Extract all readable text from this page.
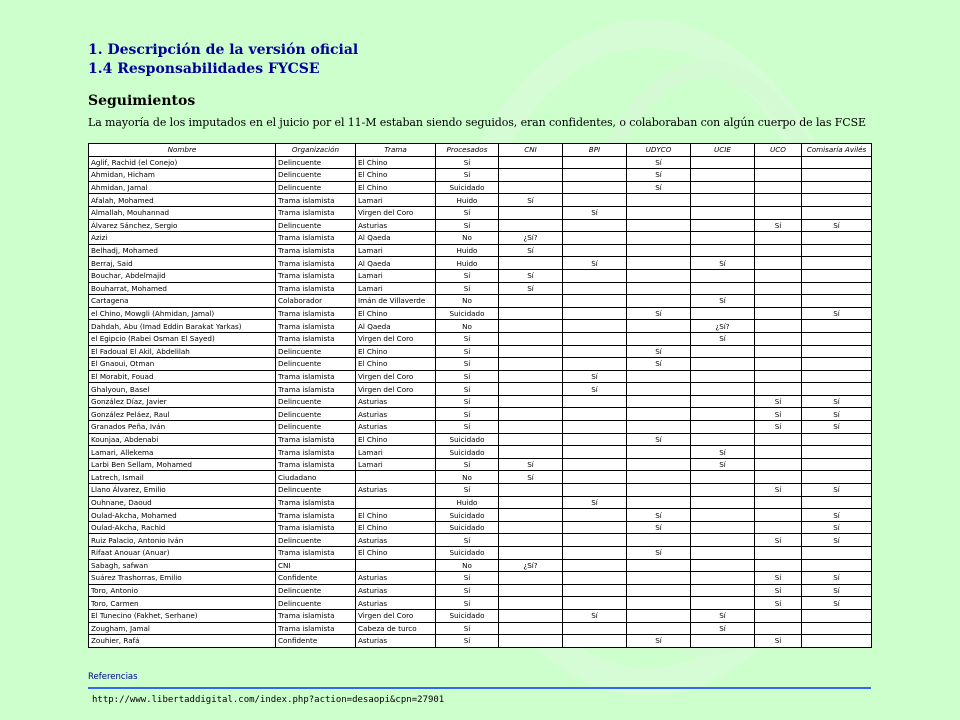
1. Descripción de la versión oficial
1.4 Responsabilidades FYCSE
Seguimientos
La mayoría de los imputados en el juicio por el 11-M estaban siendo seguidos, eran confidentes, o colaboraban con algún cuerpo de las FCSE
Nombre	Organización	Trama	Procesados	CNI	BPI	UDYCO	UCIE	UCO	Comisaría Avilés
Aglif, Rachid (el Conejo)	Delincuente	El Chino	Sí			Sí			
Ahmidan, Hicham	Delincuente	El Chino	Sí			Sí			
Ahmidan, Jamal	Delincuente	El Chino	Suicidado			Sí			
Afalah, Mohamed	Trama islamista	Lamari	Huido	Sí					
Almallah, Mouhannad	Trama islamista	Virgen del Coro	Sí		Sí				
Álvarez Sánchez, Sergio	Delincuente	Asturias	Sí					Sí	Sí
Azizi	Trama islamista	Al Qaeda	No	¿Sí?					
Belhadj, Mohamed	Trama islamista	Lamari	Huido	Sí					
Berraj, Said	Trama islamista	Al Qaeda	Huido		Sí		Sí		
Bouchar, Abdelmajid	Trama islamista	Lamari	Sí	Sí					
Bouharrat, Mohamed	Trama islamista	Lamari	Sí	Sí					
Cartagena	Colaborador	Imán de Villaverde	No				Sí		
el Chino, Mowgli (Ahmidan, Jamal)	Trama islamista	El Chino	Suicidado			Sí			Sí
Dahdah, Abu (Imad Eddin Barakat Yarkas)	Trama islamista	Al Qaeda	No				¿Sí?		
el Egipcio (Rabei Osman El Sayed)	Trama islamista	Virgen del Coro	Sí				Sí		
El Fadoual El Akil, Abdelilah	Delincuente	El Chino	Sí			Sí			
El Gnaoui, Otman	Delincuente	El Chino	Sí			Sí			
El Morabit, Fouad	Trama islamista	Virgen del Coro	Sí		Sí				
Ghalyoun, Basel	Trama islamista	Virgen del Coro	Sí		Sí				
González Díaz, Javier	Delincuente	Asturias	Sí					Sí	Sí
González Peláez, Raul	Delincuente	Asturias	Sí					Sí	Sí
Granados Peña, Iván	Delincuente	Asturias	Sí					Sí	Sí
Kounjaa, Abdenabi	Trama islamista	El Chino	Suicidado			Sí			
Lamari, Allekema	Trama islamista	Lamari	Suicidado				Sí		
Larbi Ben Sellam, Mohamed	Trama islamista	Lamari	Sí	Sí			Sí		
Latrech, Ismail	Ciudadano		No	Sí					
Llano Álvarez, Emilio	Delincuente	Asturias	Sí					Sí	Sí
Ouhnane, Daoud	Trama islamista		Huido		Sí				
Oulad-Akcha, Mohamed	Trama islamista	El Chino	Suicidado			Sí			Sí
Oulad-Akcha, Rachid	Trama islamista	El Chino	Suicidado			Sí			Sí
Ruiz Palacio, Antonio Iván	Delincuente	Asturias	Sí					Sí	Sí
Rifaat Anouar (Anuar)	Trama islamista	El Chino	Suicidado			Sí			
Sabagh, safwan	CNI		No	¿Sí?					
Suárez Trashorras, Emilio	Confidente	Asturias	Sí					Sí	Sí
Toro, Antonio	Delincuente	Asturias	Sí					Sí	Sí
Toro, Carmen	Delincuente	Asturias	Sí					Sí	Sí
El Tunecino (Fakhet, Serhane)	Trama islamista	Virgen del Coro	Suicidado		Sí		Sí		
Zougham, Jamal	Trama islamista	Cabeza de turco	Sí				Sí		
Zouhier, Rafá	Confidente	Asturias	Sí			Sí		Sí	
Referencias
http://www.libertaddigital.com/index.php?action=desaopi&cpn=27901
